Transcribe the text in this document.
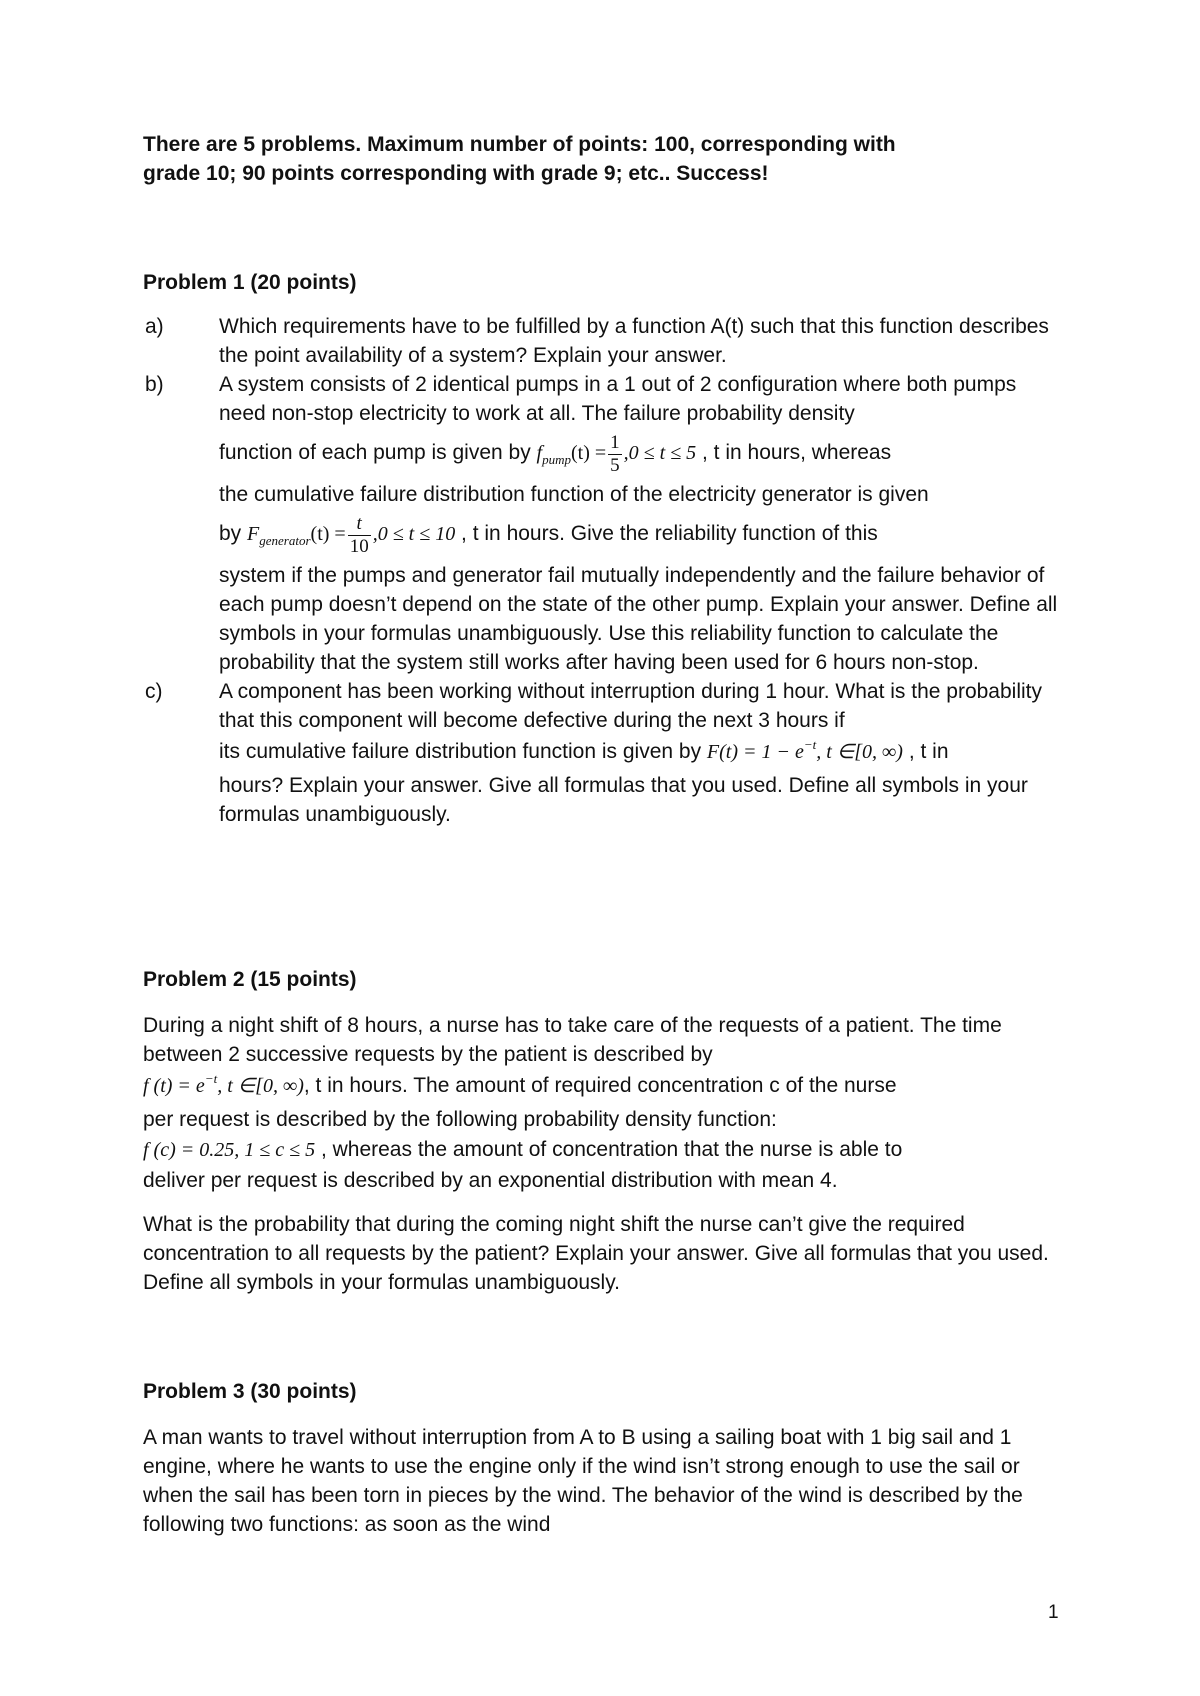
There are 5 problems. Maximum number of points: 100, corresponding with

grade 10; 90 points corresponding with grade 9; etc.. Success!

Problem 1 (20 points)

a)	Which requirements have to be fulfilled by a function A(t) such that this function describes the point availability of a system? Explain your answer.

b)	A system consists of 2 identical pumps in a 1 out of 2 configuration where both pumps need non-stop electricity to work at all. The failure probability density

function of each pump is given by $f_{pump}(t) = \frac{1}{5} ,0 \le t \le 5$ , t in hours, whereas

the cumulative failure distribution function of the electricity generator is given

by $F_{generator}(t) = \frac{t}{10} ,0 \le t \le 10$ , t in hours. Give the reliability function of this

system if the pumps and generator fail mutually independently and the failure behavior of each pump doesn’t depend on the state of the other pump. Explain your answer. Define all symbols in your formulas unambiguously. Use this reliability function to calculate the probability that the system still works after having been used for 6 hours non-stop.

c)	A component has been working without interruption during 1 hour. What is the probability that this component will become defective during the next 3 hours if

its cumulative failure distribution function is given by $F(t) = 1 - e^{-t}$, t ∈[0, ∞) , t in

hours? Explain your answer. Give all formulas that you used. Define all symbols in your formulas unambiguously.

Problem 2 (15 points)

During a night shift of 8 hours, a nurse has to take care of the requests of a patient. The time between 2 successive requests by the patient is described by

f $(t) = e^{-t}$, t ∈[0, ∞), t in hours. The amount of required concentration c of the nurse

per request is described by the following probability density function:

f (c) = 0.25, 1 ≤ c ≤ 5 , whereas the amount of concentration that the nurse is able to

deliver per request is described by an exponential distribution with mean 4.

What is the probability that during the coming night shift the nurse can’t give the required concentration to all requests by the patient? Explain your answer. Give all formulas that you used. Define all symbols in your formulas unambiguously.

Problem 3 (30 points)

A man wants to travel without interruption from A to B using a sailing boat with 1 big sail and 1 engine, where he wants to use the engine only if the wind isn’t strong enough to use the sail or when the sail has been torn in pieces by the wind. The behavior of the wind is described by the following two functions: as soon as the wind

1
